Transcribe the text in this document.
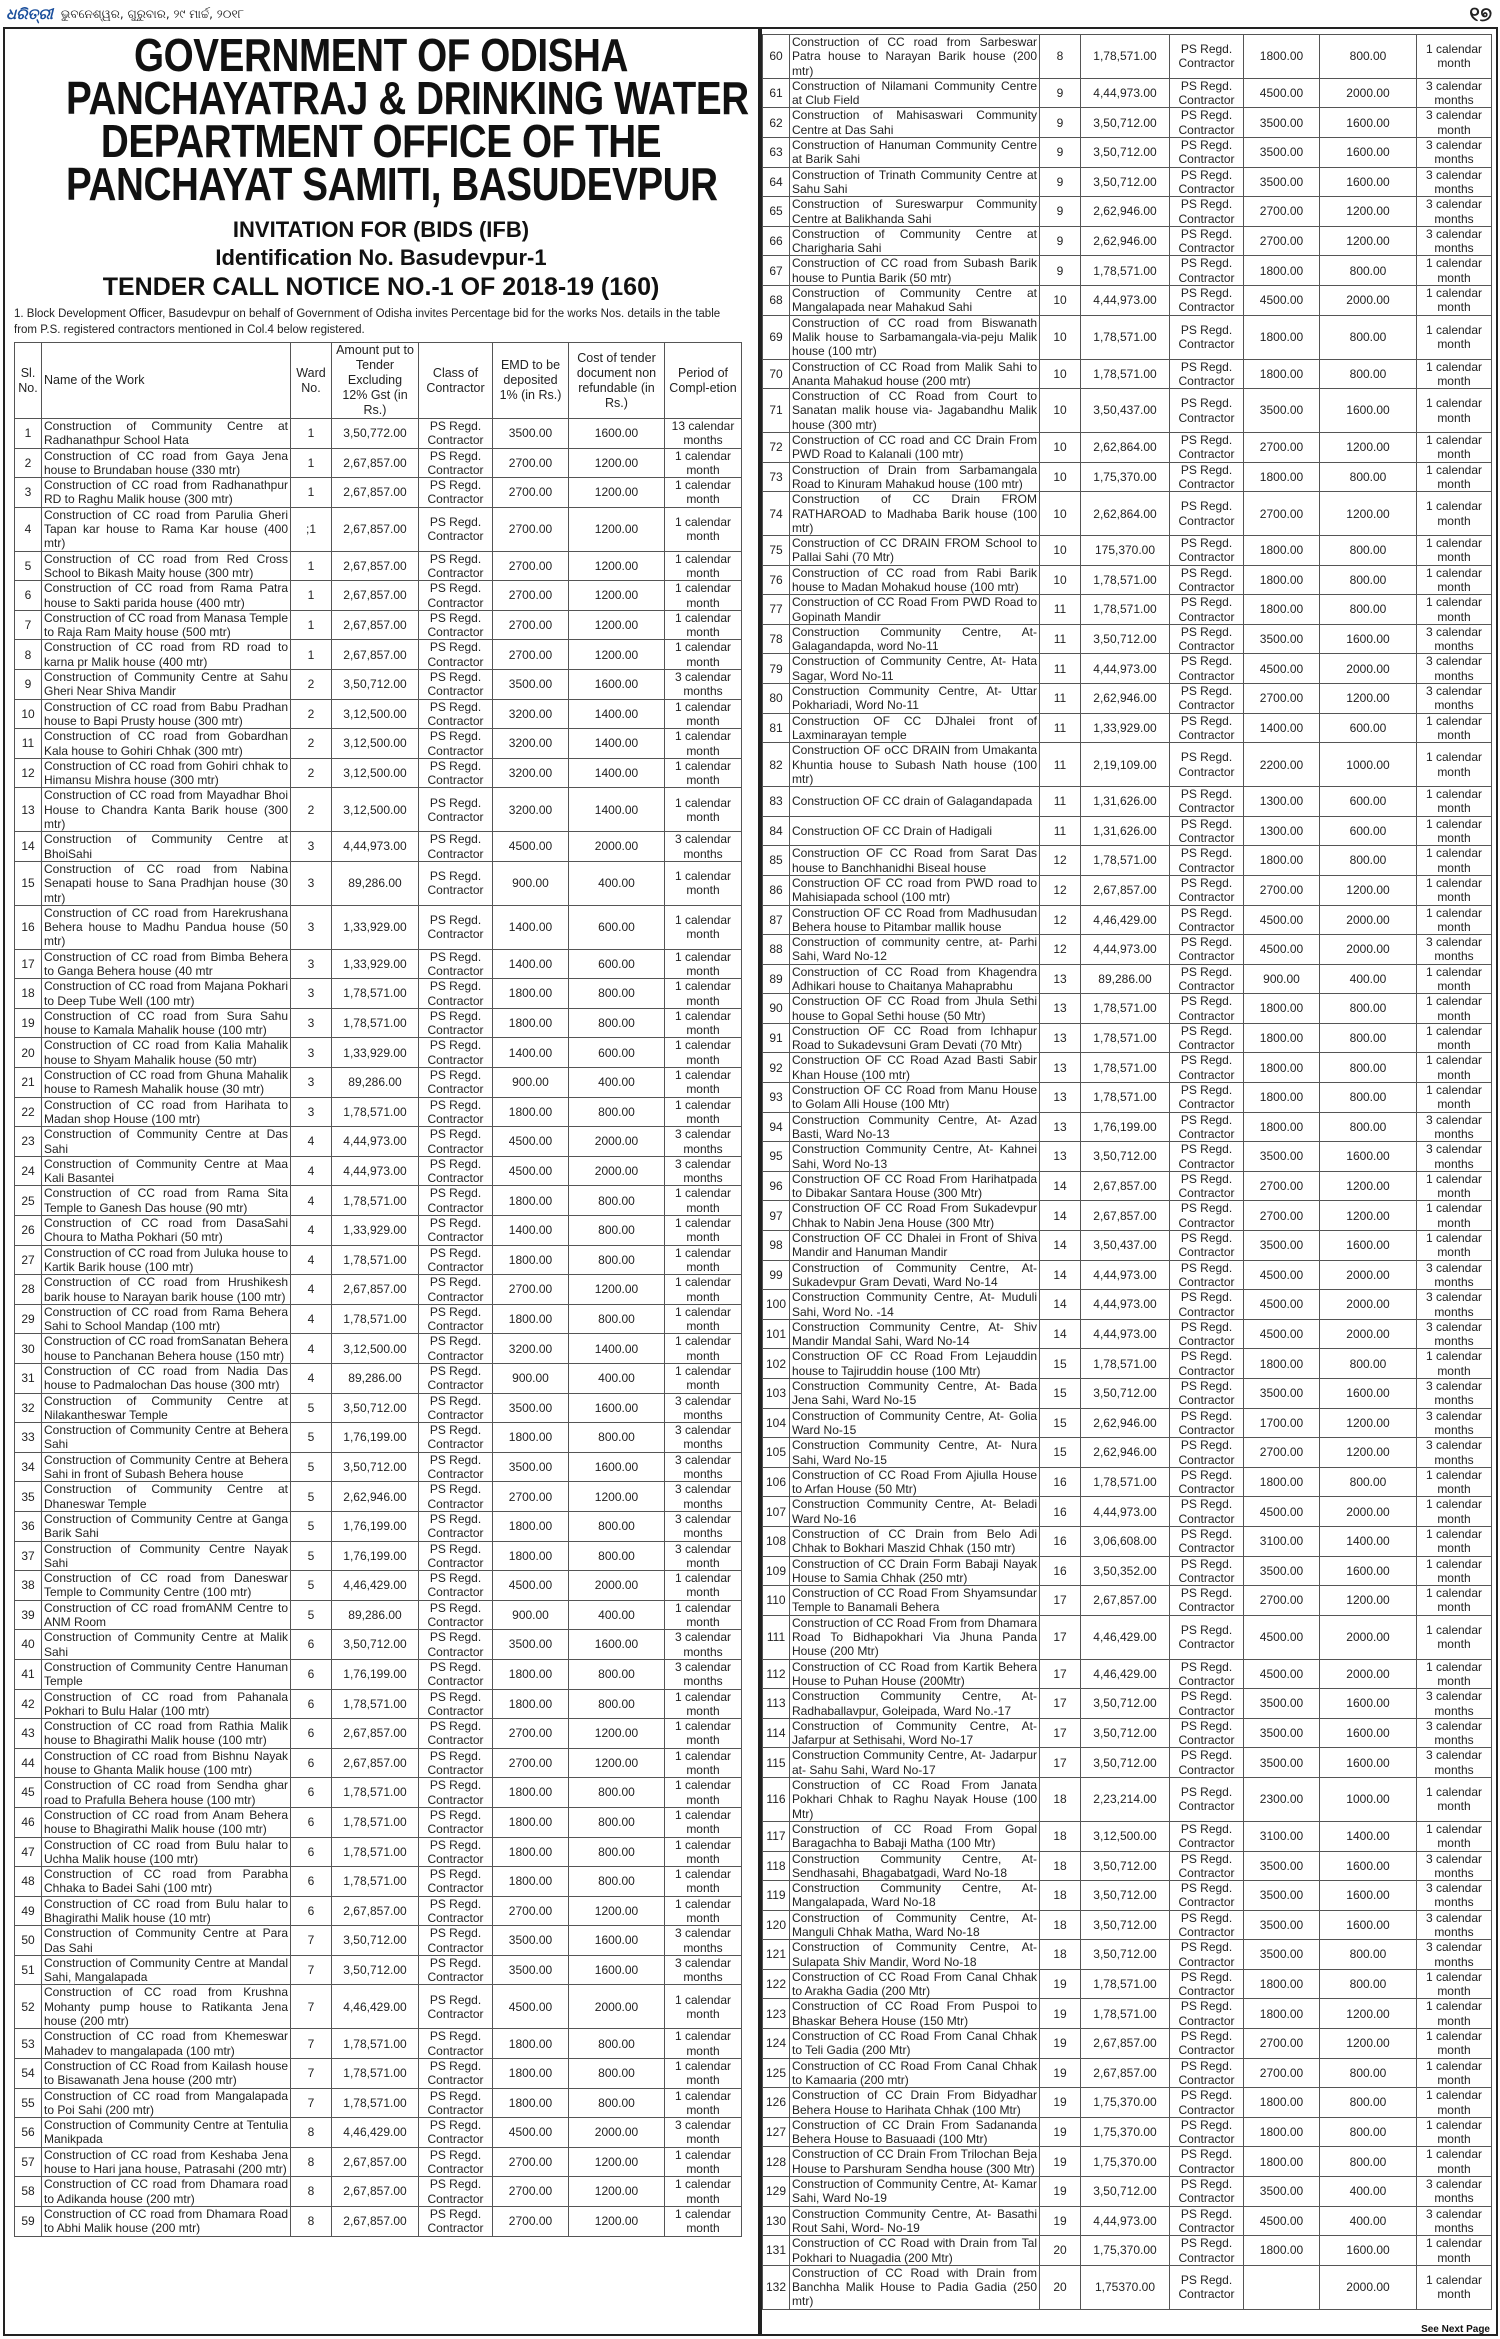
ଧରିତ୍ରୀ ଭୁବନେଶ୍ୱର, ଗୁରୁବାର, ୨୯ ମାର୍ଚ୍ଚ, ୨୦୧୮	୧୭
GOVERNMENT OF ODISHA
PANCHAYATRAJ & DRINKING WATER
DEPARTMENT OFFICE OF THE
PANCHAYAT SAMITI, BASUDEVPUR
INVITATION FOR (BIDS (IFB)
Identification No. Basudevpur-1
TENDER CALL NOTICE NO.-1 OF 2018-19 (160)
1. Block Development Officer, Basudevpur on behalf of Government of Odisha invites Percentage bid for the works Nos. details in the table from P.S. registered contractors mentioned in Col.4 below registered.
Sl. No.	Name of the Work	Ward No.	Amount put to Tender Excluding 12% Gst (in Rs.)	Class of Contractor	EMD to be deposited 1% (in Rs.)	Cost of tender document non refundable (in Rs.)	Period of Compl-etion
1	Construction of Community Centre at Radhanathpur School Hata	1	3,50,772.00	PS Regd. Contractor	3500.00	1600.00	13 calendar months
2	Construction of CC road from Gaya Jena house to Brundaban house (330 mtr)	1	2,67,857.00	PS Regd. Contractor	2700.00	1200.00	1 calendar month
3	Construction of CC road from Radhanathpur RD to Raghu Malik house (300 mtr)	1	2,67,857.00	PS Regd. Contractor	2700.00	1200.00	1 calendar month
4	Construction of CC road from Parulia Gheri Tapan kar house to Rama Kar house (400 mtr)	;1	2,67,857.00	PS Regd. Contractor	2700.00	1200.00	1 calendar month
5	Construction of CC road from Red Cross School to Bikash Maity house (300 mtr)	1	2,67,857.00	PS Regd. Contractor	2700.00	1200.00	1 calendar month
6	Construction of CC road from Rama Patra house to Sakti parida house (400 mtr)	1	2,67,857.00	PS Regd. Contractor	2700.00	1200.00	1 calendar month
7	Construction of CC road from Manasa Temple to Raja Ram Maity house (500 mtr)	1	2,67,857.00	PS Regd. Contractor	2700.00	1200.00	1 calendar month
8	Construction of CC road from RD road to karna pr Malik house (400 mtr)	1	2,67,857.00	PS Regd. Contractor	2700.00	1200.00	1 calendar month
9	Construction of Community Centre at Sahu Gheri Near Shiva Mandir	2	3,50,712.00	PS Regd. Contractor	3500.00	1600.00	3 calendar months
10	Construction of CC road from Babu Pradhan house to Bapi Prusty house (300 mtr)	2	3,12,500.00	PS Regd. Contractor	3200.00	1400.00	1 calendar month
11	Construction of CC road from Gobardhan Kala house to Gohiri Chhak (300 mtr)	2	3,12,500.00	PS Regd. Contractor	3200.00	1400.00	1 calendar month
12	Construction of CC road from Gohiri chhak to Himansu Mishra house (300 mtr)	2	3,12,500.00	PS Regd. Contractor	3200.00	1400.00	1 calendar month
13	Construction of CC road from Mayadhar Bhoi House to Chandra Kanta Barik house (300 mtr)	2	3,12,500.00	PS Regd. Contractor	3200.00	1400.00	1 calendar month
14	Construction of Community Centre at BhoiSahi	3	4,44,973.00	PS Regd. Contractor	4500.00	2000.00	3 calendar months
15	Construction of CC road from Nabina Senapati house to Sana Pradhjan house (30 mtr)	3	89,286.00	PS Regd. Contractor	900.00	400.00	1 calendar month
16	Construction of CC road from Harekrushana Behera house to Madhu Pandua house (50 mtr)	3	1,33,929.00	PS Regd. Contractor	1400.00	600.00	1 calendar month
17	Construction of CC road from Bimba Behera to Ganga Behera house (40 mtr	3	1,33,929.00	PS Regd. Contractor	1400.00	600.00	1 calendar month
18	Construction of CC road from Majana Pokhari to Deep Tube Well (100 mtr)	3	1,78,571.00	PS Regd. Contractor	1800.00	800.00	1 calendar month
19	Construction of CC road from Sura Sahu house to Kamala Mahalik house (100 mtr)	3	1,78,571.00	PS Regd. Contractor	1800.00	800.00	1 calendar month
20	Construction of CC road from Kalia Mahalik house to Shyam Mahalik house (50 mtr)	3	1,33,929.00	PS Regd. Contractor	1400.00	600.00	1 calendar month
21	Construction of CC road from Ghuna Mahalik house to Ramesh Mahalik house (30 mtr)	3	89,286.00	PS Regd. Contractor	900.00	400.00	1 calendar month
22	Construction of CC road from Harihata to Madan shop House (100 mtr)	3	1,78,571.00	PS Regd. Contractor	1800.00	800.00	1 calendar month
23	Construction of Community Centre at Das Sahi	4	4,44,973.00	PS Regd. Contractor	4500.00	2000.00	3 calendar months
24	Construction of Community Centre at Maa Kali Basantei	4	4,44,973.00	PS Regd. Contractor	4500.00	2000.00	3 calendar months
25	Construction of CC road from Rama Sita Temple to Ganesh Das house (90 mtr)	4	1,78,571.00	PS Regd. Contractor	1800.00	800.00	1 calendar month
26	Construction of CC road from DasaSahi Choura to Matha Pokhari (50 mtr)	4	1,33,929.00	PS Regd. Contractor	1400.00	800.00	1 calendar month
27	Construction of CC road from Juluka house to Kartik Barik house (100 mtr)	4	1,78,571.00	PS Regd. Contractor	1800.00	800.00	1 calendar month
28	Construction of CC road from Hrushikesh barik house to Narayan barik house (100 mtr)	4	2,67,857.00	PS Regd. Contractor	2700.00	1200.00	1 calendar month
29	Construction of CC road from Rama Behera Sahi to School Mandap (100 mtr)	4	1,78,571.00	PS Regd. Contractor	1800.00	800.00	1 calendar month
30	Construction of CC road fromSanatan Behera house to Panchanan Behera house (150 mtr)	4	3,12,500.00	PS Regd. Contractor	3200.00	1400.00	1 calendar month
31	Construction of CC road from Nadia Das house to Padmalochan Das house (300 mtr)	4	89,286.00	PS Regd. Contractor	900.00	400.00	1 calendar month
32	Construction of Community Centre at Nilakantheswar Temple	5	3,50,712.00	PS Regd. Contractor	3500.00	1600.00	3 calendar months
33	Construction of Community Centre at Behera Sahi	5	1,76,199.00	PS Regd. Contractor	1800.00	800.00	3 calendar months
34	Construction of Community Centre at Behera Sahi in front of Subash Behera house	5	3,50,712.00	PS Regd. Contractor	3500.00	1600.00	3 calendar months
35	Construction of Community Centre at Dhaneswar Temple	5	2,62,946.00	PS Regd. Contractor	2700.00	1200.00	3 calendar months
36	Construction of Community Centre at Ganga Barik Sahi	5	1,76,199.00	PS Regd. Contractor	1800.00	800.00	3 calendar months
37	Construction of Community Centre Nayak Sahi	5	1,76,199.00	PS Regd. Contractor	1800.00	800.00	3 calendar month
38	Construction of CC road from Daneswar Temple to Community Centre (100 mtr)	5	4,46,429.00	PS Regd. Contractor	4500.00	2000.00	1 calendar month
39	Construction of CC road fromANM Centre to ANM Room	5	89,286.00	PS Regd. Contractor	900.00	400.00	1 calendar month
40	Construction of Community Centre at Malik Sahi	6	3,50,712.00	PS Regd. Contractor	3500.00	1600.00	3 calendar months
41	Construction of Community Centre Hanuman Temple	6	1,76,199.00	PS Regd. Contractor	1800.00	800.00	3 calendar months
42	Construction of CC road from Pahanala Pokhari to Bulu Halar (100 mtr)	6	1,78,571.00	PS Regd. Contractor	1800.00	800.00	1 calendar month
43	Construction of CC road from Rathia Malik house to Bhagirathi Malik house (100 mtr)	6	2,67,857.00	PS Regd. Contractor	2700.00	1200.00	1 calendar month
44	Construction of CC road from Bishnu Nayak house to Ghanta Malik house (100 mtr)	6	2,67,857.00	PS Regd. Contractor	2700.00	1200.00	1 calendar month
45	Construction of CC road from Sendha ghar road to Prafulla Behera house (100 mtr)	6	1,78,571.00	PS Regd. Contractor	1800.00	800.00	1 calendar month
46	Construction of CC road from Anam Behera house to Bhagirathi Malik house (100 mtr)	6	1,78,571.00	PS Regd. Contractor	1800.00	800.00	1 calendar month
47	Construction of CC road from Bulu halar to Uchha Malik house (100 mtr)	6	1,78,571.00	PS Regd. Contractor	1800.00	800.00	1 calendar month
48	Construction of CC road from Parabha Chhaka to Badei Sahi (100 mtr)	6	1,78,571.00	PS Regd. Contractor	1800.00	800.00	1 calendar month
49	Construction of CC road from Bulu halar to Bhagirathi Malik house (10 mtr)	6	2,67,857.00	PS Regd. Contractor	2700.00	1200.00	1 calendar month
50	Construction of Community Centre at Para Das Sahi	7	3,50,712.00	PS Regd. Contractor	3500.00	1600.00	3 calendar months
51	Construction of Community Centre at Mandal Sahi, Mangalapada	7	3,50,712.00	PS Regd. Contractor	3500.00	1600.00	3 calendar months
52	Construction of CC road from Krushna Mohanty pump house to Ratikanta Jena house (200 mtr)	7	4,46,429.00	PS Regd. Contractor	4500.00	2000.00	1 calendar month
53	Construction of CC road from Khemeswar Mahadev to mangalapada (100 mtr)	7	1,78,571.00	PS Regd. Contractor	1800.00	800.00	1 calendar month
54	Construction of CC Road from Kailash house to Bisawanath Jena house (200 mtr)	7	1,78,571.00	PS Regd. Contractor	1800.00	800.00	1 calendar month
55	Construction of CC road from Mangalapada to Poi Sahi (200 mtr)	7	1,78,571.00	PS Regd. Contractor	1800.00	800.00	1 calendar month
56	Construction of Community Centre at Tentulia Manikpada	8	4,46,429.00	PS Regd. Contractor	4500.00	2000.00	3 calendar month
57	Construction of CC road from Keshaba Jena house to Hari jana house, Patrasahi (200 mtr)	8	2,67,857.00	PS Regd. Contractor	2700.00	1200.00	1 calendar month
58	Construction of CC road from Dhamara road to Adikanda house (200 mtr)	8	2,67,857.00	PS Regd. Contractor	2700.00	1200.00	1 calendar month
59	Construction of CC road from Dhamara Road to Abhi Malik house (200 mtr)	8	2,67,857.00	PS Regd. Contractor	2700.00	1200.00	1 calendar month
60	Construction of CC road from Sarbeswar Patra house to Narayan Barik house (200 mtr)	8	1,78,571.00	PS Regd. Contractor	1800.00	800.00	1 calendar month
61	Construction of Nilamani Community Centre at Club Field	9	4,44,973.00	PS Regd. Contractor	4500.00	2000.00	3 calendar months
62	Construction of Mahisaswari Community Centre at Das Sahi	9	3,50,712.00	PS Regd. Contractor	3500.00	1600.00	3 calendar month
63	Construction of Hanuman Community Centre at Barik Sahi	9	3,50,712.00	PS Regd. Contractor	3500.00	1600.00	3 calendar months
64	Construction of Trinath Community Centre at Sahu Sahi	9	3,50,712.00	PS Regd. Contractor	3500.00	1600.00	3 calendar months
65	Construction of Sureswarpur Community Centre at Balikhanda Sahi	9	2,62,946.00	PS Regd. Contractor	2700.00	1200.00	3 calendar months
66	Construction of Community Centre at Charigharia Sahi	9	2,62,946.00	PS Regd. Contractor	2700.00	1200.00	3 calendar months
67	Construction of CC road from Subash Barik house to Puntia Barik (50 mtr)	9	1,78,571.00	PS Regd. Contractor	1800.00	800.00	1 calendar month
68	Construction of Community Centre at Mangalapada near Mahakud Sahi	10	4,44,973.00	PS Regd. Contractor	4500.00	2000.00	1 calendar month
69	Construction of CC road from Biswanath Malik house to Sarbamangala-via-peju Malik house (100 mtr)	10	1,78,571.00	PS Regd. Contractor	1800.00	800.00	1 calendar month
70	Construction of CC Road from Malik Sahi to Ananta Mahakud house (200 mtr)	10	1,78,571.00	PS Regd. Contractor	1800.00	800.00	1 calendar month
71	Construction of CC Road from Court to Sanatan malik house via- Jagabandhu Malik house (300 mtr)	10	3,50,437.00	PS Regd. Contractor	3500.00	1600.00	1 calendar month
72	Construction of CC road and CC Drain From PWD Road to Kalanali (100 mtr)	10	2,62,864.00	PS Regd. Contractor	2700.00	1200.00	1 calendar month
73	Construction of Drain from Sarbamangala Road to Kinuram Mahakud house (100 mtr)	10	1,75,370.00	PS Regd. Contractor	1800.00	800.00	1 calendar month
74	Construction of CC Drain FROM RATHAROAD to Madhaba Barik house (100 mtr)	10	2,62,864.00	PS Regd. Contractor	2700.00	1200.00	1 calendar month
75	Construction of CC DRAIN FROM School to Pallai Sahi (70 Mtr)	10	175,370.00	PS Regd. Contractor	1800.00	800.00	1 calendar month
76	Construction of CC road from Rabi Barik house to Madan Mohakud house (100 mtr)	10	1,78,571.00	PS Regd. Contractor	1800.00	800.00	1 calendar month
77	Construction of CC Road From PWD Road to Gopinath Mandir	11	1,78,571.00	PS Regd. Contractor	1800.00	800.00	1 calendar month
78	Construction Community Centre, At- Galagandapda, word No-11	11	3,50,712.00	PS Regd. Contractor	3500.00	1600.00	3 calendar months
79	Construction of Community Centre, At- Hata Sagar, Word No-11	11	4,44,973.00	PS Regd. Contractor	4500.00	2000.00	3 calendar months
80	Construction Community Centre, At- Uttar Pokhariadi, Word No-11	11	2,62,946.00	PS Regd. Contractor	2700.00	1200.00	3 calendar months
81	Construction OF CC DJhalei front of Laxminarayan temple	11	1,33,929.00	PS Regd. Contractor	1400.00	600.00	1 calendar month
82	Construction OF oCC DRAIN from Umakanta Khuntia house to Subash Nath house (100 mtr)	11	2,19,109.00	PS Regd. Contractor	2200.00	1000.00	1 calendar month
83	Construction OF CC drain of Galagandapada	11	1,31,626.00	PS Regd. Contractor	1300.00	600.00	1 calendar month
84	Construction OF CC Drain of Hadigali	11	1,31,626.00	PS Regd. Contractor	1300.00	600.00	1 calendar month
85	Construction OF CC Road from Sarat Das house to Banchhanidhi Biseal house	12	1,78,571.00	PS Regd. Contractor	1800.00	800.00	1 calendar month
86	Construction OF CC road from PWD road to Mahisiapada school (100 mtr)	12	2,67,857.00	PS Regd. Contractor	2700.00	1200.00	1 calendar month
87	Construction OF CC Road from Madhusudan Behera house to Pitambar mallik house	12	4,46,429.00	PS Regd. Contractor	4500.00	2000.00	1 calendar month
88	Construction of community centre, at- Parhi Sahi, Ward No-12	12	4,44,973.00	PS Regd. Contractor	4500.00	2000.00	3 calendar months
89	Construction of CC Road from Khagendra Adhikari house to Chaitanya Mahaprabhu	13	89,286.00	PS Regd. Contractor	900.00	400.00	1 calendar month
90	Construction OF CC Road from Jhula Sethi house to Gopal Sethi house (50 Mtr)	13	1,78,571.00	PS Regd. Contractor	1800.00	800.00	1 calendar month
91	Construction OF CC Road from Ichhapur Road to Sukadevsuni Gram Devati (70 Mtr)	13	1,78,571.00	PS Regd. Contractor	1800.00	800.00	1 calendar month
92	Construction OF CC Road Azad Basti Sabir Khan House (100 mtr)	13	1,78,571.00	PS Regd. Contractor	1800.00	800.00	1 calendar month
93	Construction OF CC Road from Manu House to Golam Alli House (100 Mtr)	13	1,78,571.00	PS Regd. Contractor	1800.00	800.00	1 calendar month
94	Construction Community Centre, At- Azad Basti, Ward No-13	13	1,76,199.00	PS Regd. Contractor	1800.00	800.00	3 calendar months
95	Construction Community Centre, At- Kahnei Sahi, Word No-13	13	3,50,712.00	PS Regd. Contractor	3500.00	1600.00	3 calendar months
96	Construction OF CC Road From Harihatpada to Dibakar Santara House (300 Mtr)	14	2,67,857.00	PS Regd. Contractor	2700.00	1200.00	1 calendar month
97	Construction OF CC Road From Sukadevpur Chhak to Nabin Jena House (300 Mtr)	14	2,67,857.00	PS Regd. Contractor	2700.00	1200.00	1 calendar month
98	Construction OF CC Dhalei in Front of Shiva Mandir and Hanuman Mandir	14	3,50,437.00	PS Regd. Contractor	3500.00	1600.00	1 calendar month
99	Construction of Community Centre, At- Sukadevpur Gram Devati, Ward No-14	14	4,44,973.00	PS Regd. Contractor	4500.00	2000.00	3 calendar months
100	Construction Community Centre, At- Muduli Sahi, Word No. -14	14	4,44,973.00	PS Regd. Contractor	4500.00	2000.00	3 calendar months
101	Construction Community Centre, At- Shiv Mandir Mandal Sahi, Ward No-14	14	4,44,973.00	PS Regd. Contractor	4500.00	2000.00	3 calendar months
102	Construction OF CC Road From Lejauddin house to Tajiruddin house (100 Mtr)	15	1,78,571.00	PS Regd. Contractor	1800.00	800.00	1 calendar month
103	Construction Community Centre, At- Bada Jena Sahi, Ward No-15	15	3,50,712.00	PS Regd. Contractor	3500.00	1600.00	3 calendar months
104	Construction of Community Centre, At- Golia Ward No-15	15	2,62,946.00	PS Regd. Contractor	1700.00	1200.00	3 calendar months
105	Construction Community Centre, At- Nura Sahi, Ward No-15	15	2,62,946.00	PS Regd. Contractor	2700.00	1200.00	3 calendar months
106	Construction of CC Road From Ajiulla House to Arfan House (50 Mtr)	16	1,78,571.00	PS Regd. Contractor	1800.00	800.00	1 calendar month
107	Construction Community Centre, At- Beladi Ward No-16	16	4,44,973.00	PS Regd. Contractor	4500.00	2000.00	1 calendar month
108	Construction of CC Drain from Belo Adi Chhak to Bokhari Maszid Chhak (150 mtr)	16	3,06,608.00	PS Regd. Contractor	3100.00	1400.00	1 calendar month
109	Construction of CC Drain Form Babaji Nayak House to Samia Chhak (250 mtr)	16	3,50,352.00	PS Regd. Contractor	3500.00	1600.00	1 calendar month
110	Construction of CC Road From Shyamsundar Temple to Banamali Behera	17	2,67,857.00	PS Regd. Contractor	2700.00	1200.00	1 calendar month
111	Construction of CC Road From from Dhamara Road To Bidhapokhari Via Jhuna Panda House (200 Mtr)	17	4,46,429.00	PS Regd. Contractor	4500.00	2000.00	1 calendar month
112	Construction of CC Road from Kartik Behera House to Puhan House (200Mtr)	17	4,46,429.00	PS Regd. Contractor	4500.00	2000.00	1 calendar month
113	Construction Community Centre, At- Radhaballavpur, Goleipada, Ward No.-17	17	3,50,712.00	PS Regd. Contractor	3500.00	1600.00	3 calendar months
114	Construction of Community Centre, At- Jafarpur at Sethisahi, Word No-17	17	3,50,712.00	PS Regd. Contractor	3500.00	1600.00	3 calendar months
115	Construction Community Centre, At- Jadarpur at- Sahu Sahi, Ward No-17	17	3,50,712.00	PS Regd. Contractor	3500.00	1600.00	3 calendar months
116	Construction of CC Road From Janata Pokhari Chhak to Raghu Nayak House (100 Mtr)	18	2,23,214.00	PS Regd. Contractor	2300.00	1000.00	1 calendar month
117	Construction of CC Road From Gopal Baragachha to Babaji Matha (100 Mtr)	18	3,12,500.00	PS Regd. Contractor	3100.00	1400.00	1 calendar month
118	Construction Community Centre, At- Sendhasahi, Bhagabatgadi, Ward No-18	18	3,50,712.00	PS Regd. Contractor	3500.00	1600.00	3 calendar months
119	Construction Community Centre, At- Mangalapada, Ward No-18	18	3,50,712.00	PS Regd. Contractor	3500.00	1600.00	3 calendar months
120	Construction of Community Centre, At- Manguli Chhak Matha, Ward No-18	18	3,50,712.00	PS Regd. Contractor	3500.00	1600.00	3 calendar months
121	Construction of Community Centre, At- Sulapata Shiv Mandir, Word No-18	18	3,50,712.00	PS Regd. Contractor	3500.00	800.00	3 calendar months
122	Construction of CC Road From Canal Chhak to Arakha Gadia (200 Mtr)	19	1,78,571.00	PS Regd. Contractor	1800.00	800.00	1 calendar month
123	Construction of CC Road From Puspoi to Bhaskar Behera House (150 Mtr)	19	1,78,571.00	PS Regd. Contractor	1800.00	1200.00	1 calendar month
124	Construction of CC Road From Canal Chhak to Teli Gadia (200 Mtr)	19	2,67,857.00	PS Regd. Contractor	2700.00	1200.00	1 calendar month
125	Construction of CC Road From Canal Chhak to Kamaaria (200 mtr)	19	2,67,857.00	PS Regd. Contractor	2700.00	800.00	1 calendar month
126	Construction of CC Drain From Bidyadhar Behera House to Harihata Chhak (100 Mtr)	19	1,75,370.00	PS Regd. Contractor	1800.00	800.00	1 calendar month
127	Construction of CC Drain From Sadananda Behera House to Basuaadi (100 Mtr)	19	1,75,370.00	PS Regd. Contractor	1800.00	800.00	1 calendar month
128	Construction of CC Drain From Trilochan Beja House to Parshuram Sendha house (300 Mtr)	19	1,75,370.00	PS Regd. Contractor	1800.00	800.00	1 calendar month
129	Construction of Community Centre, At- Kamar Sahi, Ward No-19	19	3,50,712.00	PS Regd. Contractor	3500.00	400.00	3 calendar months
130	Construction Community Centre, At- Basathi Rout Sahi, Word- No-19	19	4,44,973.00	PS Regd. Contractor	4500.00	400.00	3 calendar months
131	Construction of CC Road with Drain from Tal Pokhari to Nuagadia (200 Mtr)	20	1,75,370.00	PS Regd. Contractor	1800.00	1600.00	1 calendar month
132	Construction of CC Road with Drain from Banchha Malik House to Padia Gadia (250 mtr)	20	1,75370.00	PS Regd. Contractor		2000.00	1 calendar month
See Next Page
